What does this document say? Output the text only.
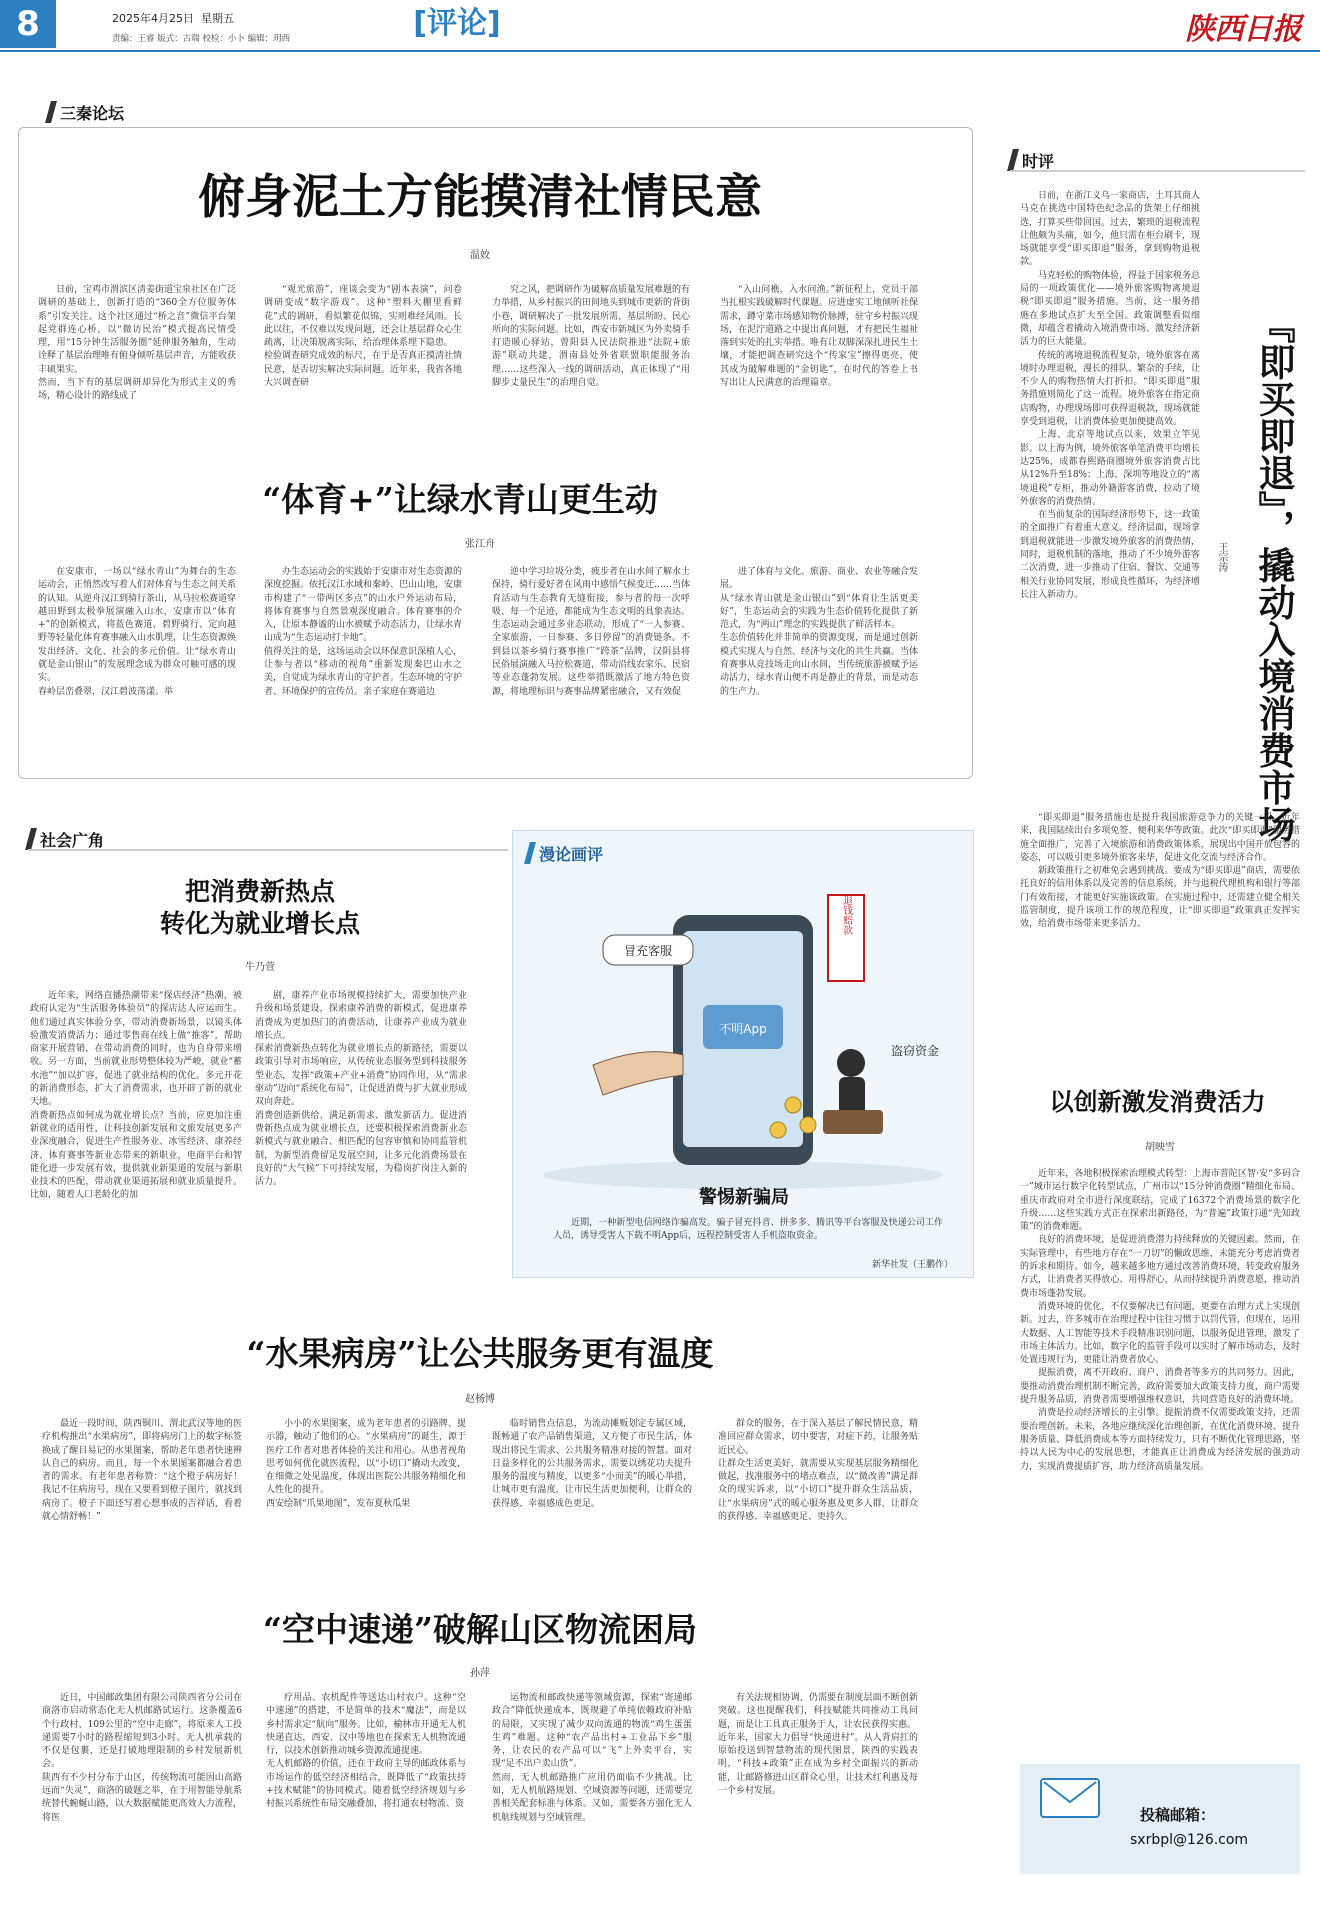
8	2025年4月25日 星期五
责编：王睿 版式：古瑞 校检：小卜 编辑：玥西	[评论]	陕西日报
三秦论坛
俯身泥土方能摸清社情民意
温姣
日前，宝鸡市渭滨区清姜街道宝泉社区在广泛调研的基础上，创新打造的“360全方位服务体系”引发关注。这个社区通过“桥之音”微信平台架起党群连心桥，以“微访民治”模式提高民情受理，用“15分钟生活服务圈”延伸服务触角，生动诠释了基层治理唯有俯身倾听基层声音，方能收获丰硕果实。
然而，当下有的基层调研却异化为形式主义的秀场，精心设计的路线成了
“观光旅游”，座谈会变为“剧本表演”，问卷调研变成“数字游戏”。这种“塑料大棚里看鲜花”式的调研，看似繁花似锦，实则难经风雨。长此以往，不仅难以发现问题，还会让基层群众心生疏离，让决策脱离实际，给治理体系埋下隐患。
检验调查研究成效的标尺，在于是否真正摸清社情民意，是否切实解决实际问题。近年来，我省各地大兴调查研
究之风，把调研作为破解高质量发展难题的有力举措，从乡村振兴的田间地头到城市更新的背街小巷，调研解决了一批发展所需、基层所盼、民心所向的实际问题。比如，西安市新城区为外卖骑手打造暖心驿站，曾阳县人民法院推进“法院+旅游”联动共建，渭南县处外省联盟职能服务治理……这些深入一线的调研活动，真正体现了“用脚步丈量民生”的治理自觉。
“入山问樵，入水问渔。”新征程上，党员干部当扎根实践破解时代课题。应进虚实工地倾听社保需求，蹲守菜市场感知物价脉搏，驻守乡村振兴现场，在泥泞道路之中提出真问题，才有把民生福祉落到实处的扎实举措。唯有让双脚深深扎进民生土壤，才能把调查研究这个“传家宝”擦得更亮，使其成为破解难题的“金钥匙”，在时代的答卷上书写出让人民满意的治理篇章。
“体育+”让绿水青山更生动
张江舟
在安康市，一场以“绿水青山”为舞台的生态运动会，正悄然改写着人们对体育与生态之间关系的认知。从逆舟汉江到骑行茶山，从马拉松赛道穿越田野到太极拳展演融入山水，安康市以“体育+”的创新模式，将蓝色赛道、碧野骑行、定向越野等轻量化体育赛事融入山水肌理，让生态资源焕发出经济、文化、社会的多元价值。让“绿水青山就是金山银山”的发展理念成为群众可触可感的现实。
春岭层峦叠翠，汉江碧波荡漾。举
办生态运动会的实践始于安康市对生态资源的深度挖掘。依托汉江水域和秦岭、巴山山地，安康市构建了“一带两区多点”的山水户外运动布局，将体育赛事与自然景观深度融合。体育赛事的介入，让原本静谧的山水被赋予动态活力，让绿水青山成为“生态运动打卡地”。
值得关注的是，这场运动会以环保意识深植人心，让参与者以“移动的视角”重新发现秦巴山水之美，自觉成为绿水青山的守护者。生态环境的守护者、环境保护的宣传员。亲子家庭在赛道边
逆中学习垃圾分类，疲步者在山水间了解水土保持，骑行爱好者在风雨中感悟气候变迁……当体育活动与生态教育无缝衔接，参与者的每一次呼吸、每一个足迹，都能成为生态文明的具象表达。
生态运动会通过多业态联动，形成了“一人参赛、全家旅游，一日参赛、多日停留”的消费链条。不到县以茶乡骑行赛事推广“跨茶”品牌，汉阴县将民俗展演融入马拉松赛道，带动沿线农家乐、民宿等业态蓬勃发展。这些举措既激活了地方特色资源，将地理标识与赛事品牌紧密融合，又有效促
进了体育与文化、旅游、商业、农业等融合发展。
从“绿水青山就是金山银山”到“体育让生活更美好”，生态运动会的实践为生态价值转化提供了新范式，为“两山”理念的实践提供了鲜活样本。
生态价值转化并非简单的资源变现，而是通过创新模式实现人与自然、经济与文化的共生共赢。当体育赛事从竞技场走向山水间，当传统旅游被赋予运动活力，绿水青山便不再是静止的背景，而是动态的生产力。
社会广角
把消费新热点
转化为就业增长点
牛乃萱
近年来，网络直播热潮带来“探店经济”热潮，被政府认定为“生活服务体验员”的探店达人应运而生。他们通过真实体验分享，带动消费新场景，以镜头体验激发消费活力；通过零售商在线上做“推客”，帮助商家开展营销，在带动消费的同时，也为自身带来增收。另一方面，当前就业形势整体较为严峻，就业“蓄水池”“加以扩容，促进了就业结构的优化。多元开花的新消费形态，扩大了消费需求，也开辟了新的就业天地。
消费新热点如何成为就业增长点？当前，应更加注重新就业的适用性，让科技创新发展和文旅发展更多产业深度融合，促进生产性服务业、冰雪经济、康养经济、体育赛事等新业态带来的新职业，电商平台和智能化进一步发展有效，提供就业新渠道的发展与新职业技术的匹配，带动就业渠道拓展和就业质量提升。比如，随着人口老龄化的加
剧，康养产业市场规模持续扩大，需要加快产业升级和场景建设，探索康养消费的新模式，促进康养消费成为更加热门的消费活动，让康养产业成为就业增长点。
探索消费新热点转化为就业增长点的新路径，需要以政策引导对市场响应，从传统业态服务型到科技服务型业态，发挥“政策+产业+消费”协同作用，从“需求驱动”迈向“系统化布局”，让促进消费与扩大就业形成双向奔赴。
消费创造新供给、满足新需求、激发新活力。促进消费新热点成为就业增长点，还要积极探索消费新业态新模式与就业融合、相匹配的包容审慎和协同监管机制，为新型消费留足发展空间，让多元化消费场景在良好的“大气候”下可持续发展，为稳岗扩岗注入新的活力。
漫论画评
不明App
冒充客服
退钱赔款
盗窃资金
警惕新骗局
近期，一种新型电信网络诈骗高发。骗子冒充抖音、拼多多、腾讯等平台客服及快递公司工作人员，诱导受害人下载不明App后，远程控制受害人手机盗取资金。
新华社发（王鹏作）
“水果病房”让公共服务更有温度
赵杨博
最近一段时间，陕西铜川、渭北武汉等地的医疗机构推出“水果病房”，即将病房门上的数字标签换成了醒目易记的水果图案，帮助老年患者快速辨认自己的病房。而且，每一个水果图案都融合着患者的需求。有老年患者称赞：“这个橙子病房好！我记不住病房号，现在又要看到橙子图片，就找到病房了。橙子下面还写着心想事成的吉祥话，看着就心情舒畅！”
小小的水果图案，成为老年患者的引路牌、提示器，触动了他们的心。“水果病房”的诞生，源于医疗工作者对患者体验的关注和用心。从患者视角思考如何优化就医流程，以“小切口”撬动大改变，在细微之处见温度，体现出医院公共服务精细化和人性化的提升。
西安绘制“爪果地图”，发布夏秋瓜果
临时销售点信息，为流动摊贩划定专属区域，既畅通了农产品销售渠道，又方便了市民生活，体现出将民生需求、公共服务精准对接的智慧。面对日益多样化的公共服务需求，需要以绣花功夫提升服务的温度与精度，以更多“小而美”的暖心举措，让城市更有温度，让市民生活更加便利，让群众的获得感、幸福感成色更足。
群众的服务，在于深入基层了解民情民意，精准回应群众需求，切中要害，对症下药，让服务贴近民心。
让群众生活更美好，就需要从实现基层服务精细化做起，找准服务中的堵点难点，以“微改善”满足群众的现实诉求，以“小切口”提升群众生活品质，让“水果病房”式的暖心服务惠及更多人群，让群众的获得感、幸福感更足、更持久。
“空中速递”破解山区物流困局
孙萍
近日，中国邮政集团有限公司陕西省分公司在商洛市启动常态化无人机邮路试运行。这条覆盖6个行政村、109公里的“空中走廊”，将原来人工投递需要7小时的路程缩短到3小时。无人机承载的不仅是包裹，还是打破地理限制的乡村发展新机会。
陕西有不少村分布于山区，传统物流可能因山高路远而“失灵”，商洛的破题之举，在于用智能导航系统替代蜿蜒山路，以大数据赋能更高效人力流程，将医
疗用品、农机配件等送达山村农户。这种“空中速递”的搭建，不是简单的技术“魔法”，而是以乡村需求定“航向”服务。比如，榆林市开通无人机快递直达，西安、汉中等地也在探索无人机物流通行，以技术创新推动城乡资源流通提速。
无人机邮路的价值，还在于政府主导的邮政体系与市场运作的低空经济相结合，既降低了“政策扶持+技术赋能”的协同模式。随着低空经济规划与乡村振兴系统性布局交融叠加，将打通农村物流、资
运物流和邮政快递等领域资源，探索“寄递邮政合”降低快递成本，既规避了单纯依赖政府补贴的局限，又实现了减少双向流通的物流“鸡生蛋蛋生鸡”难题。这种“农产品出村+工业品下乡”服务，让农民的农产品可以“飞”上外卖平台，实现“足不出户卖山货”。
然而，无人机邮路推广应用仍面临不少挑战。比如，无人机航路规划、空域资源等问题，还需要完善相关配套标准与体系。又如，需要各方强化无人机航线规划与空域管理。
有关法规相协调，仍需要在制度层面不断创新突破。这也提醒我们，科技赋能共同推动工具问题，而是让工具真正服务于人，让农民获得实惠。
近年来，国家大力倡导“快递进村”。从人背肩扛的原始投送到智慧物流的现代图景，陕西的实践表明，“科技+政策”正在成为乡村全面振兴的新动能，让邮路修进山区群众心里，让技术红利惠及每一个乡村发展。
时评
『即买即退』，撬动入境消费市场
王宗涛
日前，在浙江义乌一家商店，土耳其商人马克在挑选中国特色纪念品的货架上仔细挑选，打算买些带回国。过去，繁琐的退税流程让他颇为头痛，如今，他只需在柜台刷卡，现场就能享受“即买即退”服务，拿到购物退税款。
马克轻松的购物体验，得益于国家税务总局的一项政策优化——境外旅客购物离境退税“即买即退”服务措施。当前，这一服务措施在多地试点扩大至全国。政策调整看似细微，却蕴含着撬动入境消费市场、激发经济新活力的巨大能量。
传统的离境退税流程复杂，境外旅客在离境时办理退税，漫长的排队、繁杂的手续，让不少人的购物热情大打折扣。“即买即退”服务措施则简化了这一流程。境外旅客在指定商店购物，办理现场即可获得退税款，现场就能享受到退税，让消费体验更加便捷高效。
上海、北京等地试点以来，效果立竿见影。以上海为例，境外旅客单笔消费平均增长达25%，成都春熙路商圈境外旅客消费占比从12%升至18%；上海、深圳等地设立的“离境退税”专柜，推动外籍游客消费，拉动了境外旅客的消费热情。
在当前复杂的国际经济形势下，这一政策的全面推广有着重大意义。经济层面，现场拿到退税就能进一步激发境外旅客的消费热情，同时，退税机制的落地，推动了不少境外游客二次消费，进一步推动了住宿、餐饮、交通等相关行业协同发展，形成良性循环，为经济增长注入新动力。
“即买即退”服务措施也是提升我国旅游竞争力的关键一招。近年来，我国陆续出台多项免签、便利来华等政策。此次“即买即退”服务措施全面推广，完善了入境旅游和消费政策体系，展现出中国开放包容的姿态，可以吸引更多境外旅客来华，促进文化交流与经济合作。
新政策推行之初难免会遇到挑战。要成为“即买即退”商店，需要依托良好的信用体系以及完善的信息系统，并与退税代理机构和银行等部门有效衔接，才能更好实施该政策。在实施过程中，还需建立健全相关监管制度，提升该项工作的规范程度，让“即买即退”政策真正发挥实效，给消费市场带来更多活力。
以创新激发消费活力
胡映雪
近年来，各地积极探索治理模式转型：上海市普陀区智·安“多码合一”城市运行数字化转型试点，广州市以“15分钟消费圈”精细化布局、重庆市政府对全市进行深度联结，完成了16372个消费场景的数字化升级……这些实践方式正在探索出新路径，为“普遍”政策打通“先知政策”的消费难题。
良好的消费环境，是促进消费潜力持续释放的关键因素。然而，在实际管理中，有些地方存在“一刀切”的懒政思维，未能充分考虑消费者的诉求和期待。如今，越来越多地方通过改善消费环境，转变政府服务方式，让消费者买得放心、用得舒心，从而持续提升消费意愿，推动消费市场蓬勃发展。
消费环境的优化，不仅要解决已有问题，更要在治理方式上实现创新。过去，许多城市在治理过程中往往习惯于以罚代管，但现在，运用大数据、人工智能等技术手段精准识别问题，以服务促进管理，激发了市场主体活力。比如，数字化的监管手段可以实时了解市场动态，及时处置违规行为，更能让消费者放心。
提振消费，离不开政府、商户、消费者等多方的共同努力。因此，要推动消费治理机制不断完善，政府需要加大政策支持力度，商户需要提升服务品质，消费者需要增强维权意识，共同营造良好的消费环境。
消费是拉动经济增长的主引擎。提振消费不仅需要政策支持，还需要治理创新。未来，各地应继续深化治理创新，在优化消费环境、提升服务质量、降低消费成本等方面持续发力，只有不断优化管理思路，坚持以人民为中心的发展思想，才能真正让消费成为经济发展的强劲动力，实现消费提质扩容，助力经济高质量发展。
投稿邮箱：
sxrbpl@126.com
